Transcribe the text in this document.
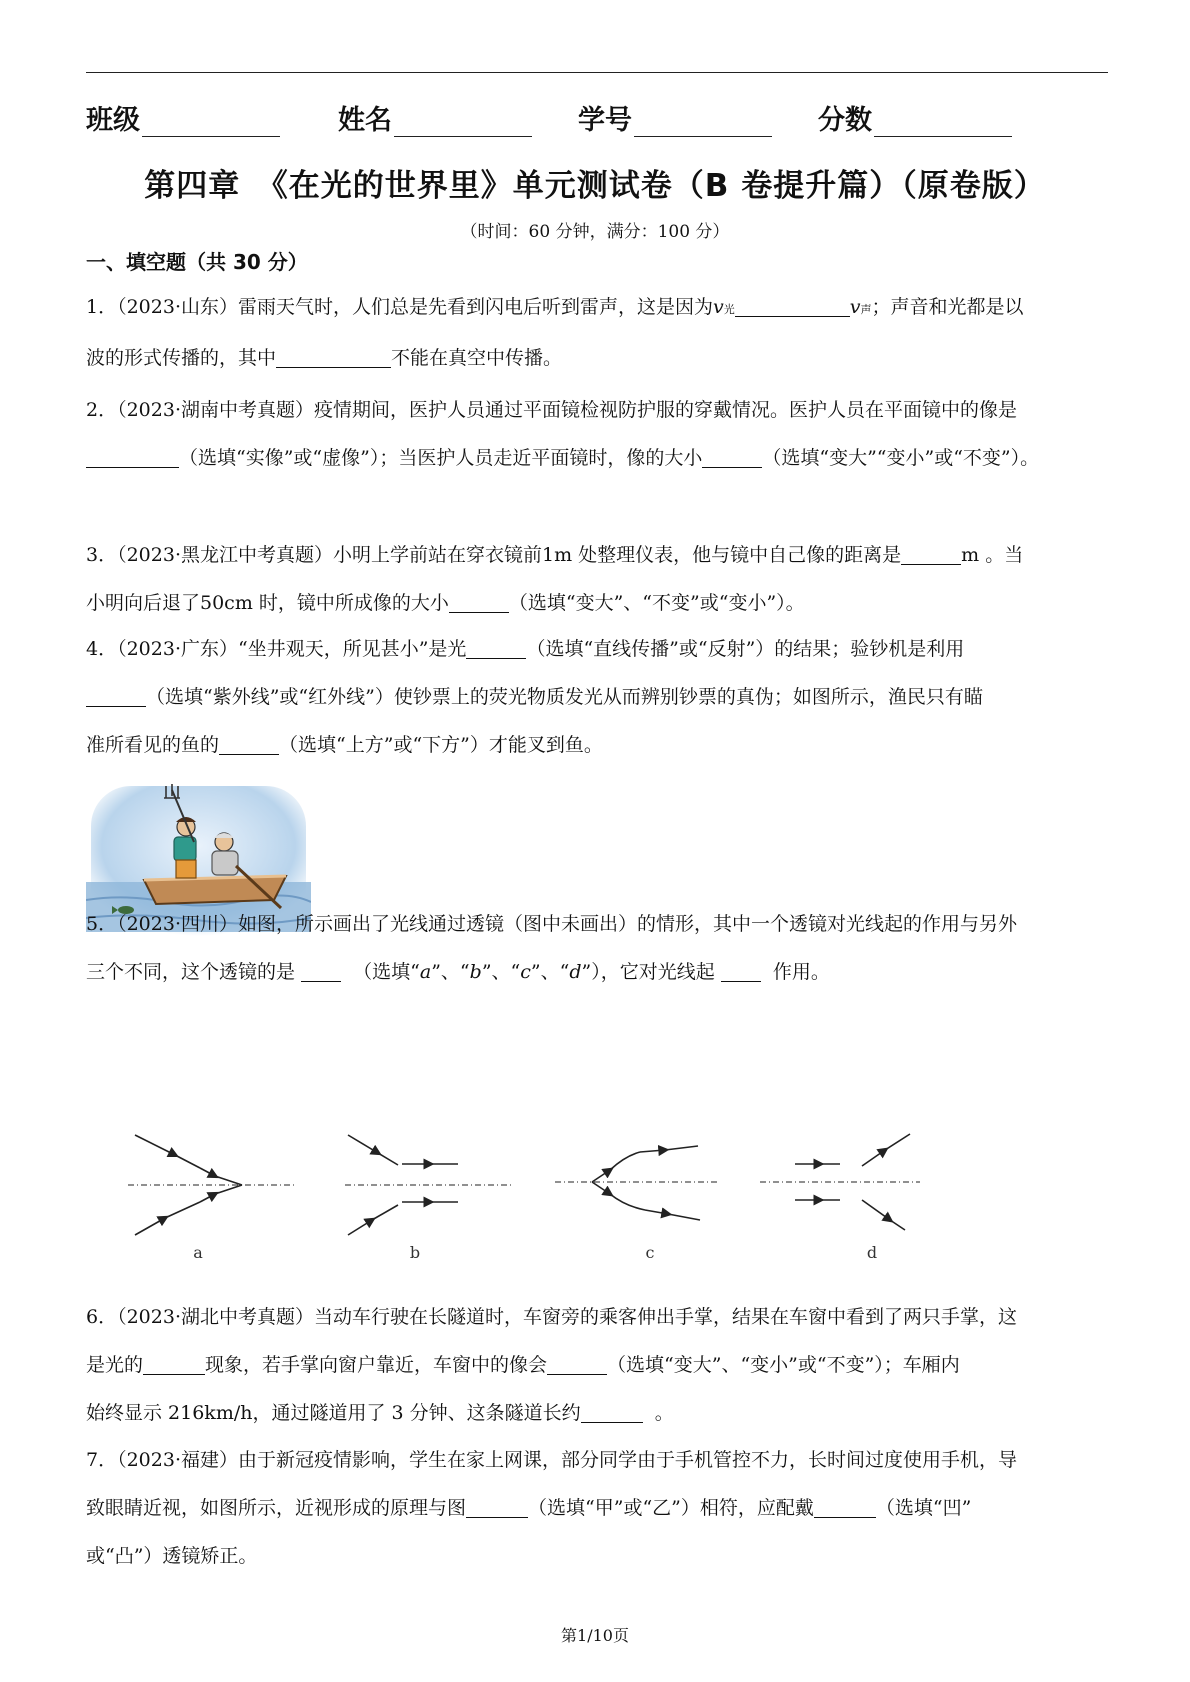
班级	姓名	学号	分数
第四章　《在光的世界里》单元测试卷（B 卷提升篇）（原卷版）
（时间：60 分钟，满分：100 分）
一、填空题（共 30 分）
1．（2023·山东）雷雨天气时，人们总是先看到闪电后听到雷声，这是因为v光	v声；声音和光都是以
波的形式传播的，其中	不能在真空中传播。
2．（2023·湖南中考真题）疫情期间，医护人员通过平面镜检视防护服的穿戴情况。医护人员在平面镜中的像是
（选填“实像”或“虚像”）；当医护人员走近平面镜时，像的大小	（选填“变大”“变小”或“不变”）。
3．（2023·黑龙江中考真题）小明上学前站在穿衣镜前1m 处整理仪表，他与镜中自己像的距离是	m 。当
小明向后退了50cm 时，镜中所成像的大小	（选填“变大”、“不变”或“变小”）。
4．（2023·广东）“坐井观天，所见甚小”是光	（选填“直线传播”或“反射”）的结果；验钞机是利用
（选填“紫外线”或“红外线”）使钞票上的荧光物质发光从而辨别钞票的真伪；如图所示，渔民只有瞄
准所看见的鱼的	（选填“上方”或“下方”）才能叉到鱼。
5．（2023·四川）如图，所示画出了光线通过透镜（图中未画出）的情形，其中一个透镜对光线起的作用与另外
三个不同，这个透镜的是	（选填“a”、“b”、“c”、“d”），它对光线起	作用。
a	b	c	d
6．（2023·湖北中考真题）当动车行驶在长隧道时，车窗旁的乘客伸出手掌，结果在车窗中看到了两只手掌，这
是光的	现象，若手掌向窗户靠近，车窗中的像会	（选填“变大”、“变小”或“不变”）；车厢内
始终显示 216km/h，通过隧道用了 3 分钟、这条隧道长约	。
7．（2023·福建）由于新冠疫情影响，学生在家上网课，部分同学由于手机管控不力，长时间过度使用手机，导
致眼睛近视，如图所示，近视形成的原理与图	（选填“甲”或“乙”）相符，应配戴	（选填“凹”
或“凸”）透镜矫正。
第1/10页
